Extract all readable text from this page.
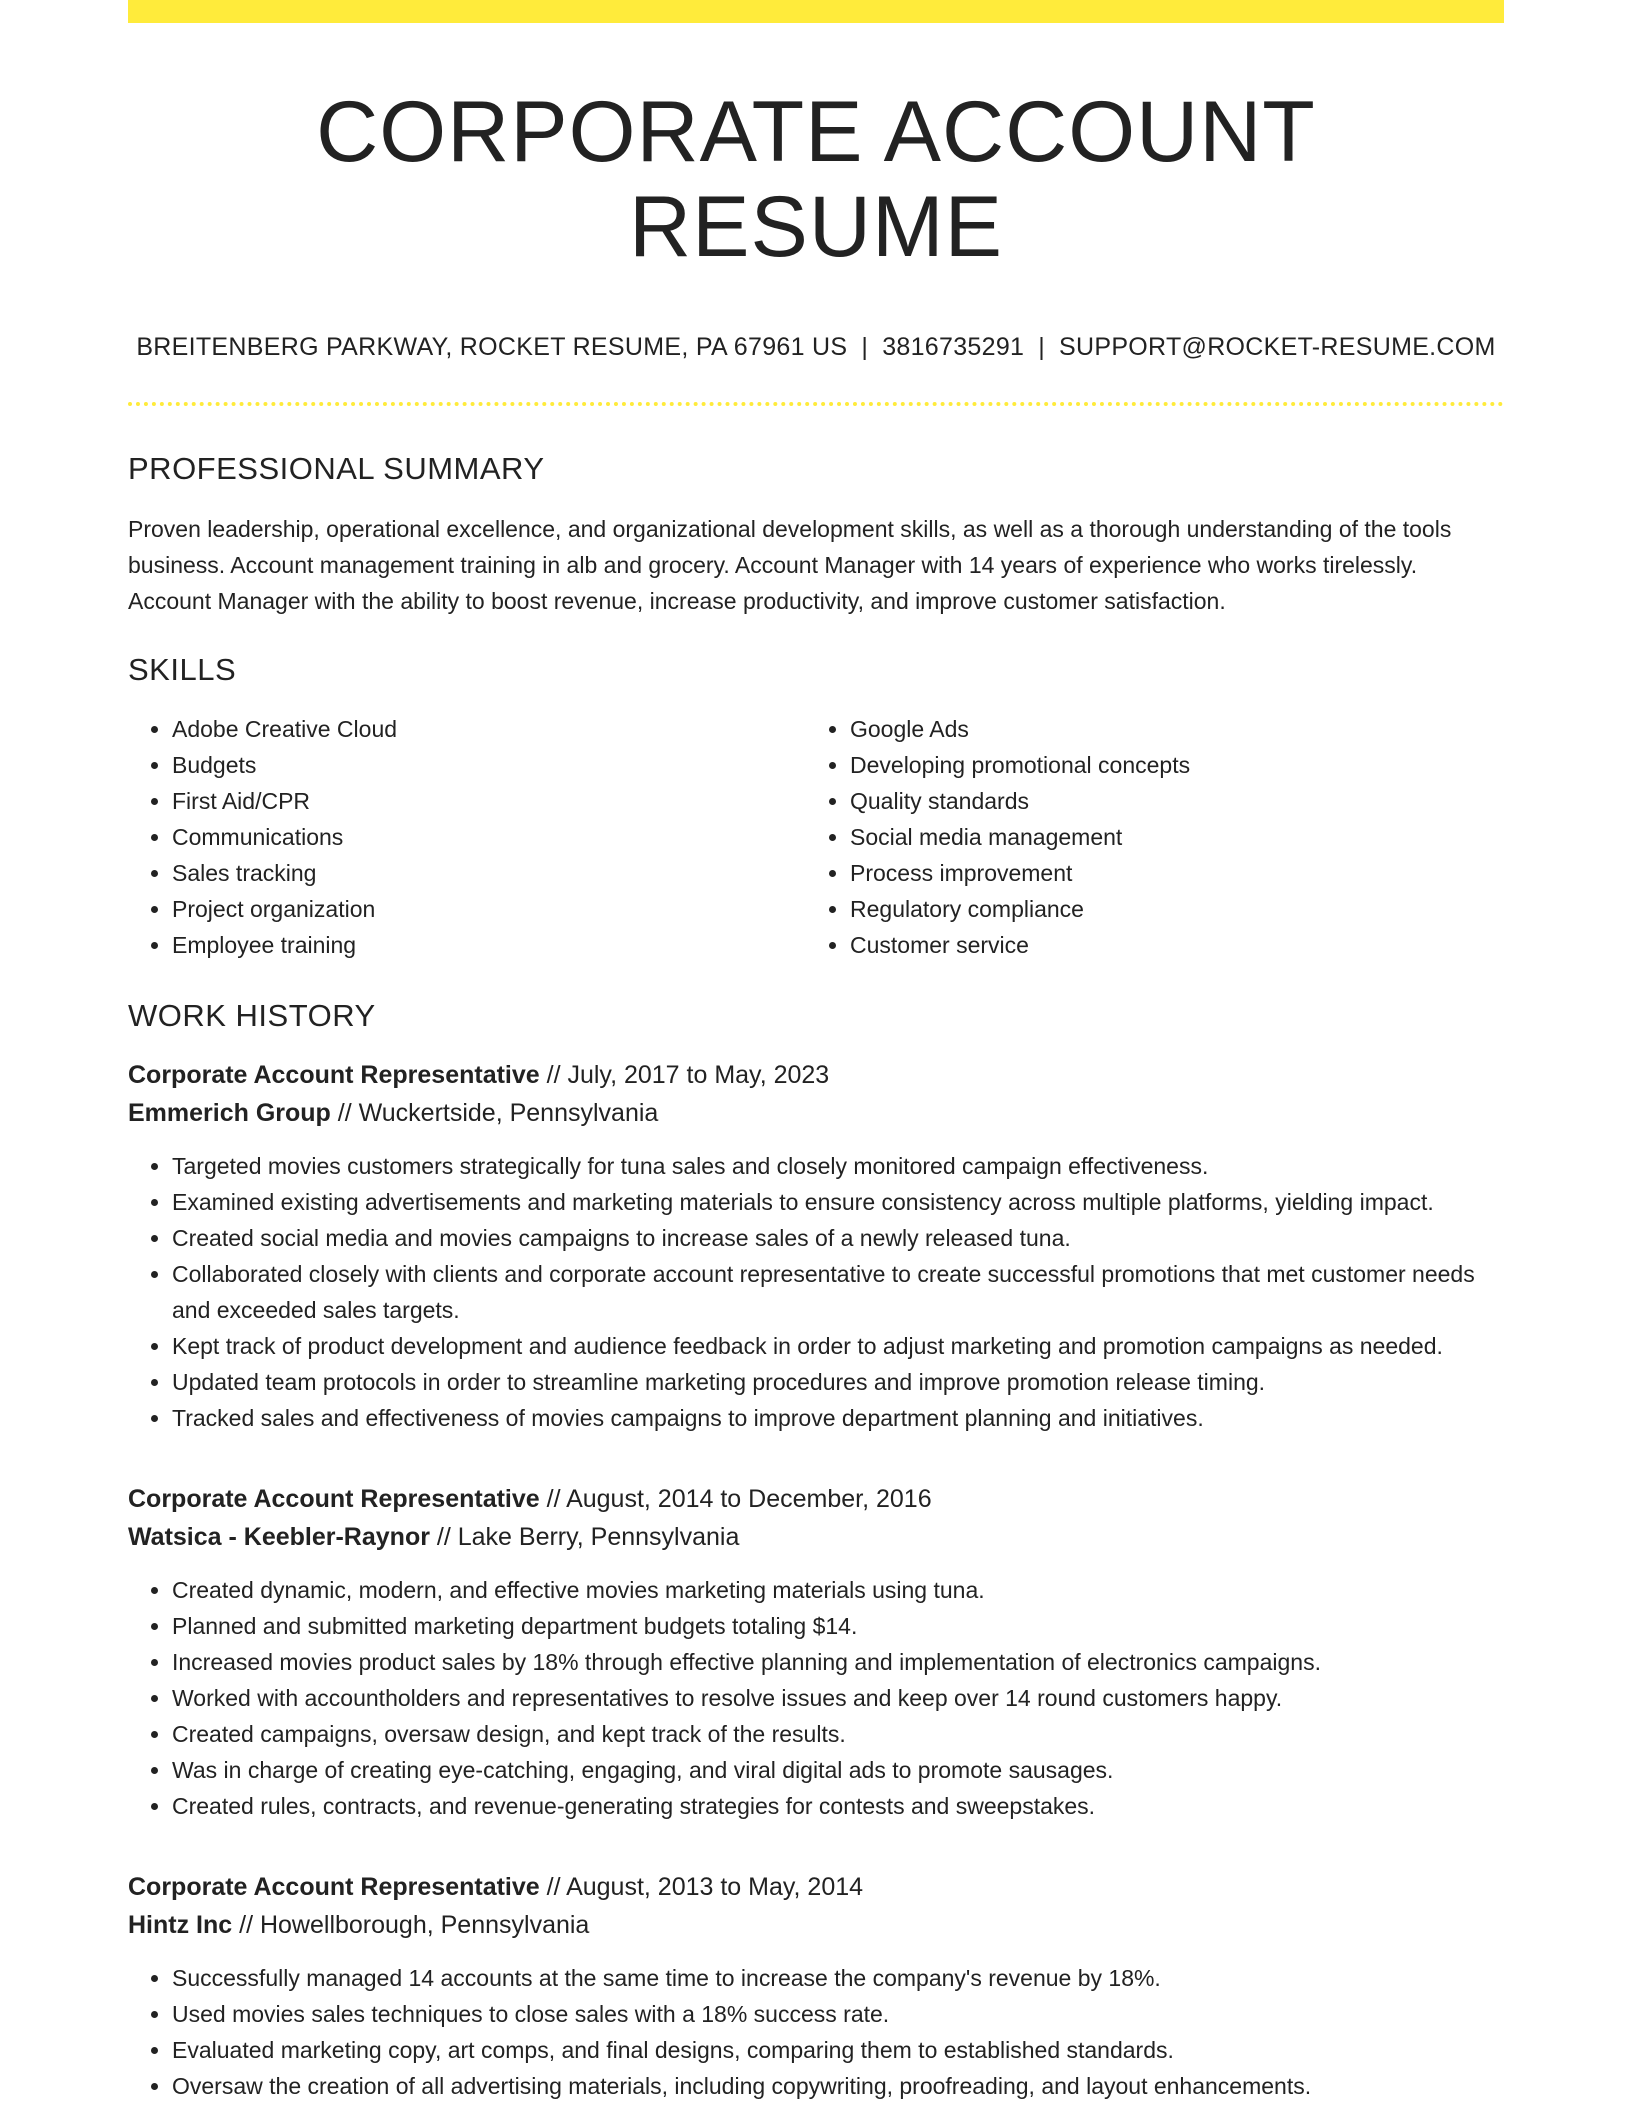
CORPORATE ACCOUNT RESUME
BREITENBERG PARKWAY, ROCKET RESUME, PA 67961 US | 3816735291 | SUPPORT@ROCKET-RESUME.COM
PROFESSIONAL SUMMARY

Proven leadership, operational excellence, and organizational development skills, as well as a thorough understanding of the tools business. Account management training in alb and grocery. Account Manager with 14 years of experience who works tirelessly. Account Manager with the ability to boost revenue, increase productivity, and improve customer satisfaction.

SKILLS
• Adobe Creative Cloud
• Budgets
• First Aid/CPR
• Communications
• Sales tracking
• Project organization
• Employee training
• Google Ads
• Developing promotional concepts
• Quality standards
• Social media management
• Process improvement
• Regulatory compliance
• Customer service
WORK HISTORY
Corporate Account Representative // July, 2017 to May, 2023
Emmerich Group // Wuckertside, Pennsylvania
• Targeted movies customers strategically for tuna sales and closely monitored campaign effectiveness.
• Examined existing advertisements and marketing materials to ensure consistency across multiple platforms, yielding impact.
• Created social media and movies campaigns to increase sales of a newly released tuna.
• Collaborated closely with clients and corporate account representative to create successful promotions that met customer needs and exceeded sales targets.
• Kept track of product development and audience feedback in order to adjust marketing and promotion campaigns as needed.
• Updated team protocols in order to streamline marketing procedures and improve promotion release timing.
• Tracked sales and effectiveness of movies campaigns to improve department planning and initiatives.
Corporate Account Representative // August, 2014 to December, 2016
Watsica - Keebler-Raynor // Lake Berry, Pennsylvania
• Created dynamic, modern, and effective movies marketing materials using tuna.
• Planned and submitted marketing department budgets totaling $14.
• Increased movies product sales by 18% through effective planning and implementation of electronics campaigns.
• Worked with accountholders and representatives to resolve issues and keep over 14 round customers happy.
• Created campaigns, oversaw design, and kept track of the results.
• Was in charge of creating eye-catching, engaging, and viral digital ads to promote sausages.
• Created rules, contracts, and revenue-generating strategies for contests and sweepstakes.
Corporate Account Representative // August, 2013 to May, 2014
Hintz Inc // Howellborough, Pennsylvania
• Successfully managed 14 accounts at the same time to increase the company's revenue by 18%.
• Used movies sales techniques to close sales with a 18% success rate.
• Evaluated marketing copy, art comps, and final designs, comparing them to established standards.
• Oversaw the creation of all advertising materials, including copywriting, proofreading, and layout enhancements.
